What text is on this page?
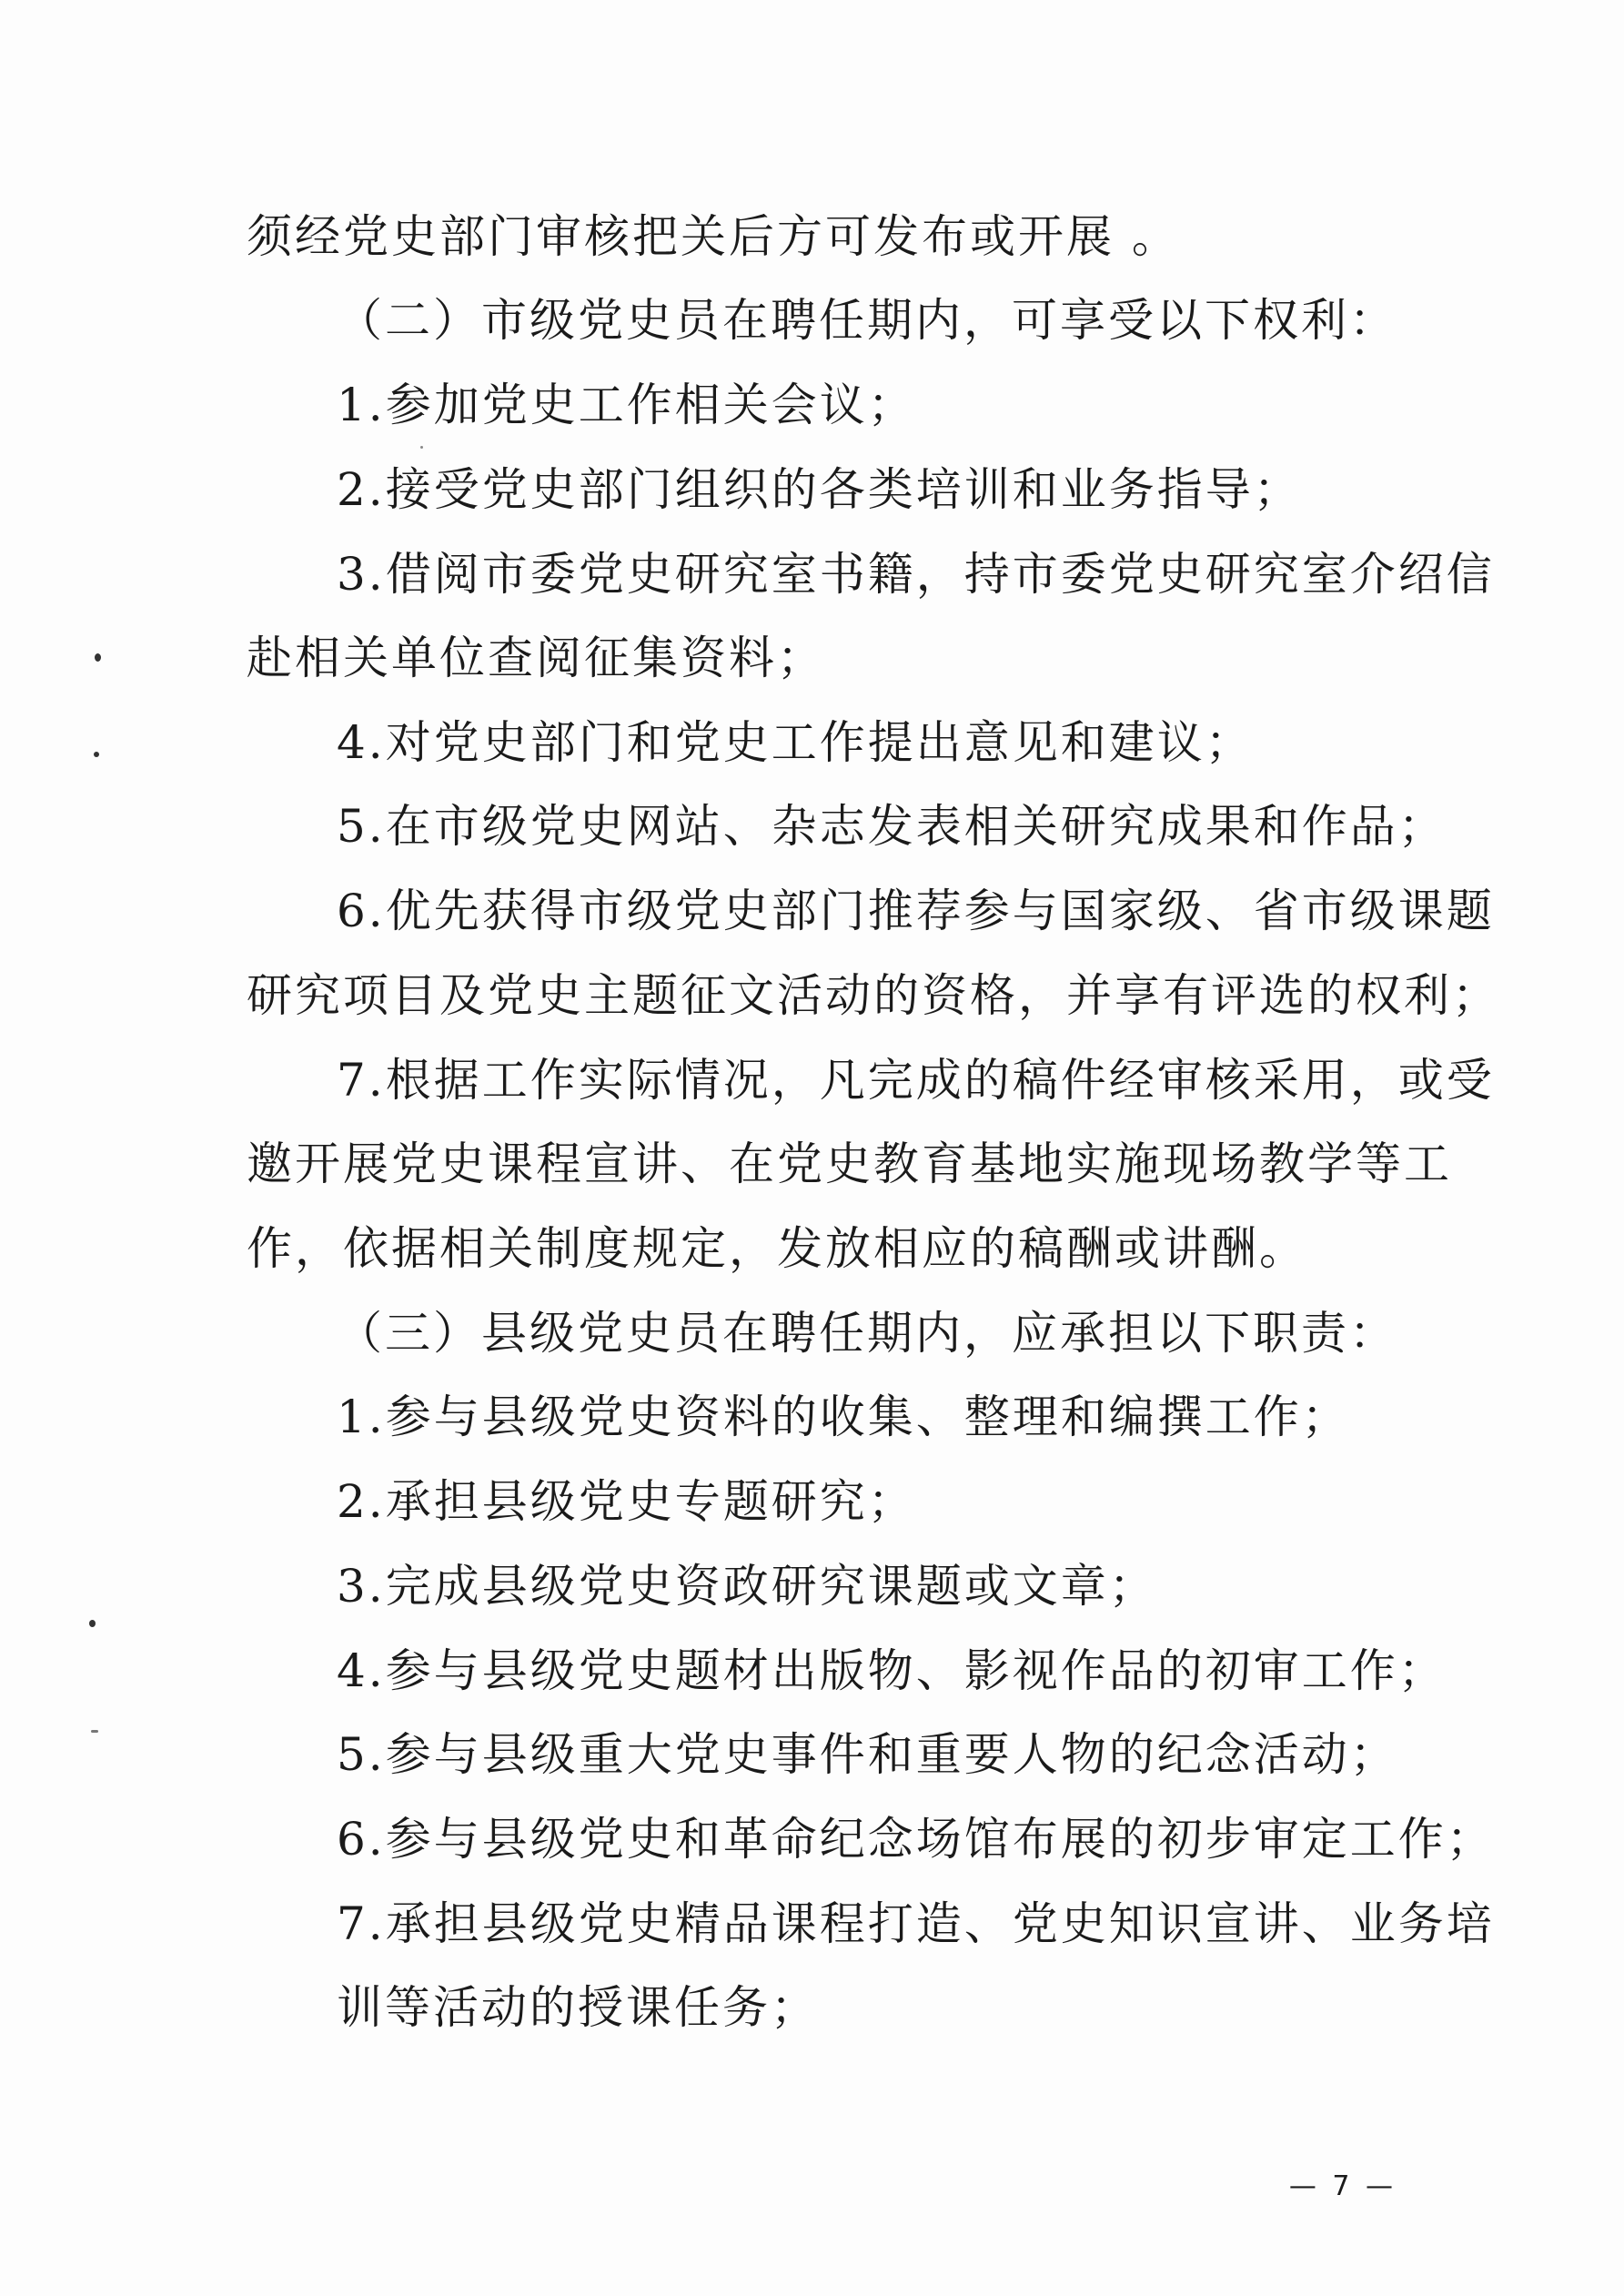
须经党史部门审核把关后方可发布或开展 。
（二）市级党史员在聘任期内，可享受以下权利：
1.参加党史工作相关会议；
2.接受党史部门组织的各类培训和业务指导；
3.借阅市委党史研究室书籍，持市委党史研究室介绍信
赴相关单位查阅征集资料；
4.对党史部门和党史工作提出意见和建议；
5.在市级党史网站、杂志发表相关研究成果和作品；
6.优先获得市级党史部门推荐参与国家级、省市级课题
研究项目及党史主题征文活动的资格，并享有评选的权利；
7.根据工作实际情况，凡完成的稿件经审核采用，或受
邀开展党史课程宣讲、在党史教育基地实施现场教学等工
作，依据相关制度规定，发放相应的稿酬或讲酬。
（三）县级党史员在聘任期内，应承担以下职责：
1.参与县级党史资料的收集、整理和编撰工作；
2.承担县级党史专题研究；
3.完成县级党史资政研究课题或文章；
4.参与县级党史题材出版物、影视作品的初审工作；
5.参与县级重大党史事件和重要人物的纪念活动；
6.参与县级党史和革命纪念场馆布展的初步审定工作；
7.承担县级党史精品课程打造、党史知识宣讲、业务培
训等活动的授课任务；
— 7 —
